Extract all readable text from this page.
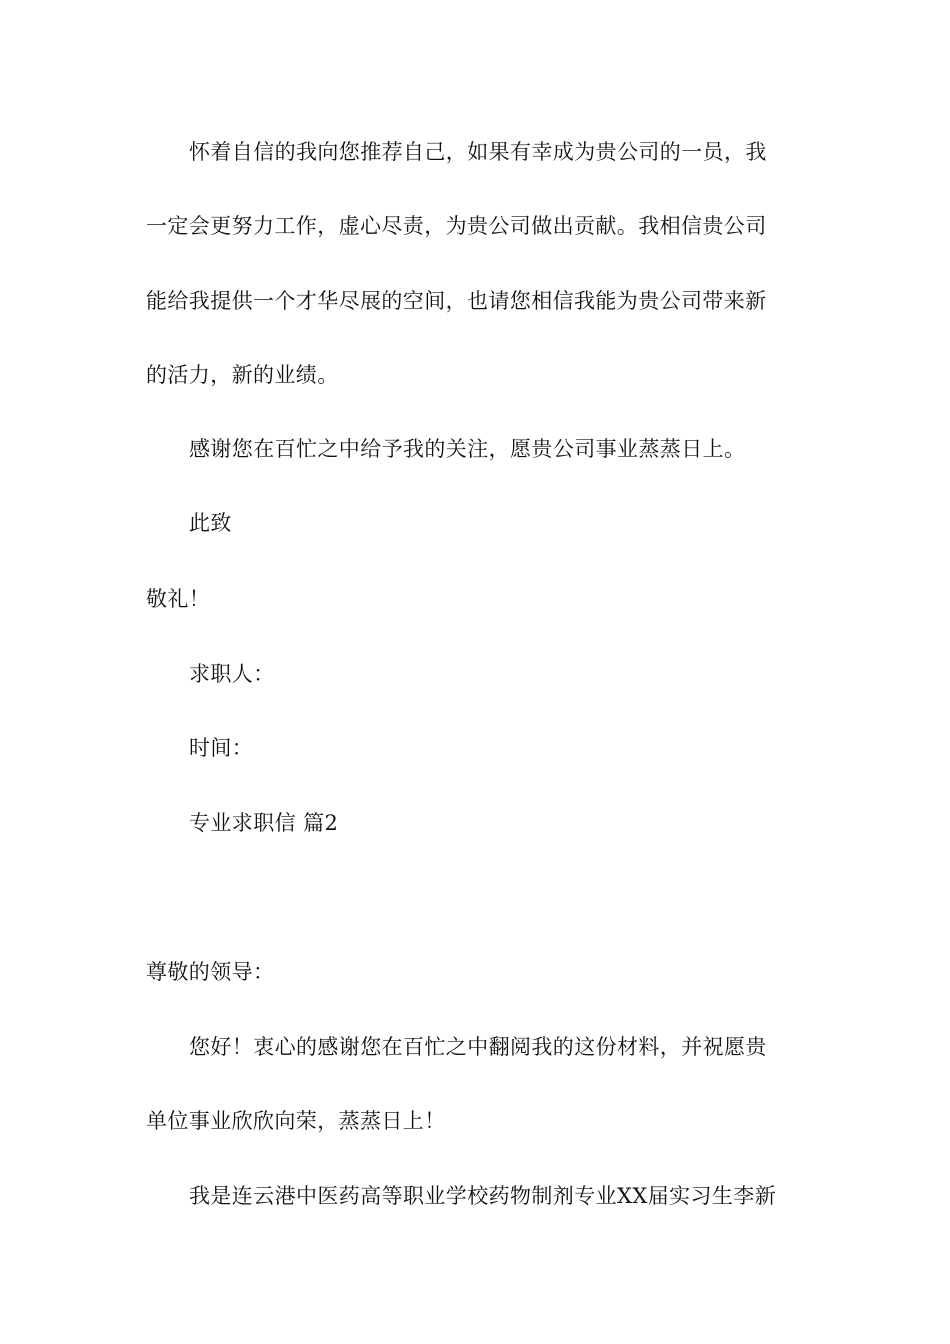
怀着自信的我向您推荐自己，如果有幸成为贵公司的一员，我
一定会更努力工作，虚心尽责，为贵公司做出贡献。我相信贵公司
能给我提供一个才华尽展的空间，也请您相信我能为贵公司带来新
的活力，新的业绩。
感谢您在百忙之中给予我的关注，愿贵公司事业蒸蒸日上。
此致
敬礼！
求职人：
时间：
专业求职信 篇2
尊敬的领导：
您好！衷心的感谢您在百忙之中翻阅我的这份材料，并祝愿贵
单位事业欣欣向荣，蒸蒸日上！
我是连云港中医药高等职业学校药物制剂专业XX届实习生李新
